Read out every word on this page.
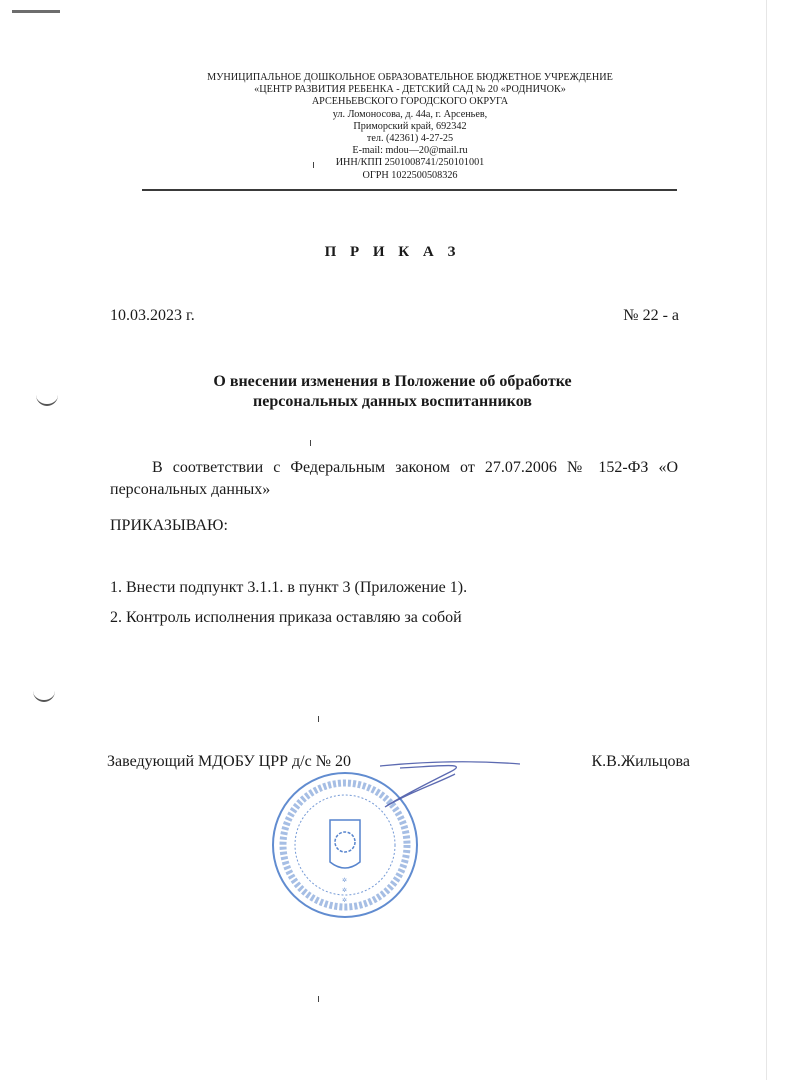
МУНИЦИПАЛЬНОЕ ДОШКОЛЬНОЕ ОБРАЗОВАТЕЛЬНОЕ БЮДЖЕТНОЕ УЧРЕЖДЕНИЕ
«ЦЕНТР РАЗВИТИЯ РЕБЕНКА - ДЕТСКИЙ САД № 20 «РОДНИЧОК»
АРСЕНЬЕВСКОГО ГОРОДСКОГО ОКРУГА
ул. Ломоносова, д. 44а, г. Арсеньев,
Приморский край, 692342
тел. (42361) 4-27-25
E-mail: mdou—20@mail.ru
ИНН/КПП 2501008741/250101001
ОГРН 1022500508326
П Р И К А З
10.03.2023 г.	№ 22 - а
О внесении изменения в Положение об обработке
персональных данных воспитанников
В соответствии с Федеральным законом от 27.07.2006 № 152-ФЗ «О персональных данных»
ПРИКАЗЫВАЮ:
1. Внести подпункт 3.1.1. в пункт 3 (Приложение 1).
2. Контроль исполнения приказа оставляю за собой
Заведующий МДОБУ ЦРР д/с № 20	К.В.Жильцова
✲
✲
✲
